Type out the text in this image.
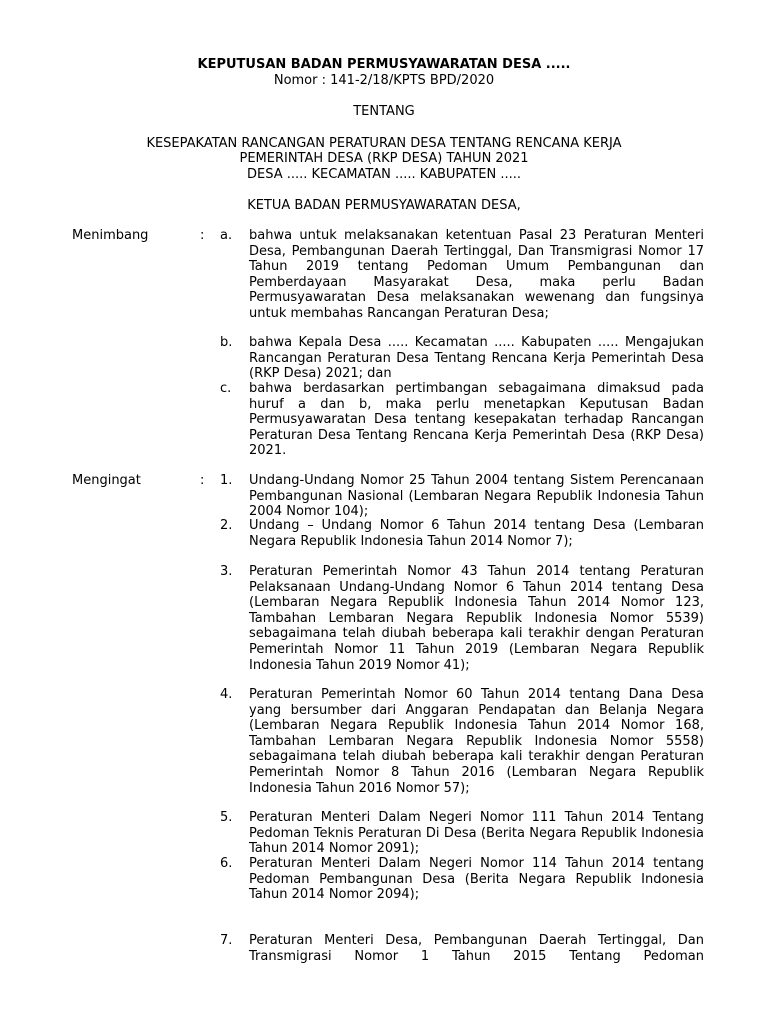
KEPUTUSAN BADAN PERMUSYAWARATAN DESA .....
Nomor : 141-2/18/KPTS BPD/2020
TENTANG
KESEPAKATAN RANCANGAN PERATURAN DESA TENTANG RENCANA KERJA
PEMERINTAH DESA (RKP DESA) TAHUN 2021
DESA ..... KECAMATAN ..... KABUPATEN .....
KETUA BADAN PERMUSYAWARATAN DESA,
Menimbang	: a. bahwa untuk melaksanakan ketentuan Pasal 23 Peraturan Menteri Desa, Pembangunan Daerah Tertinggal, Dan Transmigrasi Nomor 17 Tahun 2019 tentang Pedoman Umum Pembangunan dan Pemberdayaan Masyarakat Desa, maka perlu Badan Permusyawaratan Desa melaksanakan wewenang dan fungsinya untuk membahas Rancangan Peraturan Desa;
b. bahwa Kepala Desa ..... Kecamatan ..... Kabupaten ..... Mengajukan Rancangan Peraturan Desa Tentang Rencana Kerja Pemerintah Desa (RKP Desa) 2021; dan
c. bahwa berdasarkan pertimbangan sebagaimana dimaksud pada huruf a dan b, maka perlu menetapkan Keputusan Badan Permusyawaratan Desa tentang kesepakatan terhadap Rancangan Peraturan Desa Tentang Rencana Kerja Pemerintah Desa (RKP Desa) 2021.
Mengingat	: 1. Undang-Undang Nomor 25 Tahun 2004 tentang Sistem Perencanaan Pembangunan Nasional (Lembaran Negara Republik Indonesia Tahun 2004 Nomor 104);
2. Undang – Undang Nomor 6 Tahun 2014 tentang Desa (Lembaran Negara Republik Indonesia Tahun 2014 Nomor 7);
3. Peraturan Pemerintah Nomor 43 Tahun 2014 tentang Peraturan Pelaksanaan Undang-Undang Nomor 6 Tahun 2014 tentang Desa (Lembaran Negara Republik Indonesia Tahun 2014 Nomor 123, Tambahan Lembaran Negara Republik Indonesia Nomor 5539) sebagaimana telah diubah beberapa kali terakhir dengan Peraturan Pemerintah Nomor 11 Tahun 2019 (Lembaran Negara Republik Indonesia Tahun 2019 Nomor 41);
4. Peraturan Pemerintah Nomor 60 Tahun 2014 tentang Dana Desa yang bersumber dari Anggaran Pendapatan dan Belanja Negara (Lembaran Negara Republik Indonesia Tahun 2014 Nomor 168, Tambahan Lembaran Negara Republik Indonesia Nomor 5558) sebagaimana telah diubah beberapa kali terakhir dengan Peraturan Pemerintah Nomor 8 Tahun 2016 (Lembaran Negara Republik Indonesia Tahun 2016 Nomor 57);
5. Peraturan Menteri Dalam Negeri Nomor 111 Tahun 2014 Tentang Pedoman Teknis Peraturan Di Desa (Berita Negara Republik Indonesia Tahun 2014 Nomor 2091);
6. Peraturan Menteri Dalam Negeri Nomor 114 Tahun 2014 tentang Pedoman Pembangunan Desa (Berita Negara Republik Indonesia Tahun 2014 Nomor 2094);
7. Peraturan Menteri Desa, Pembangunan Daerah Tertinggal, Dan Transmigrasi Nomor 1 Tahun 2015 Tentang Pedoman
